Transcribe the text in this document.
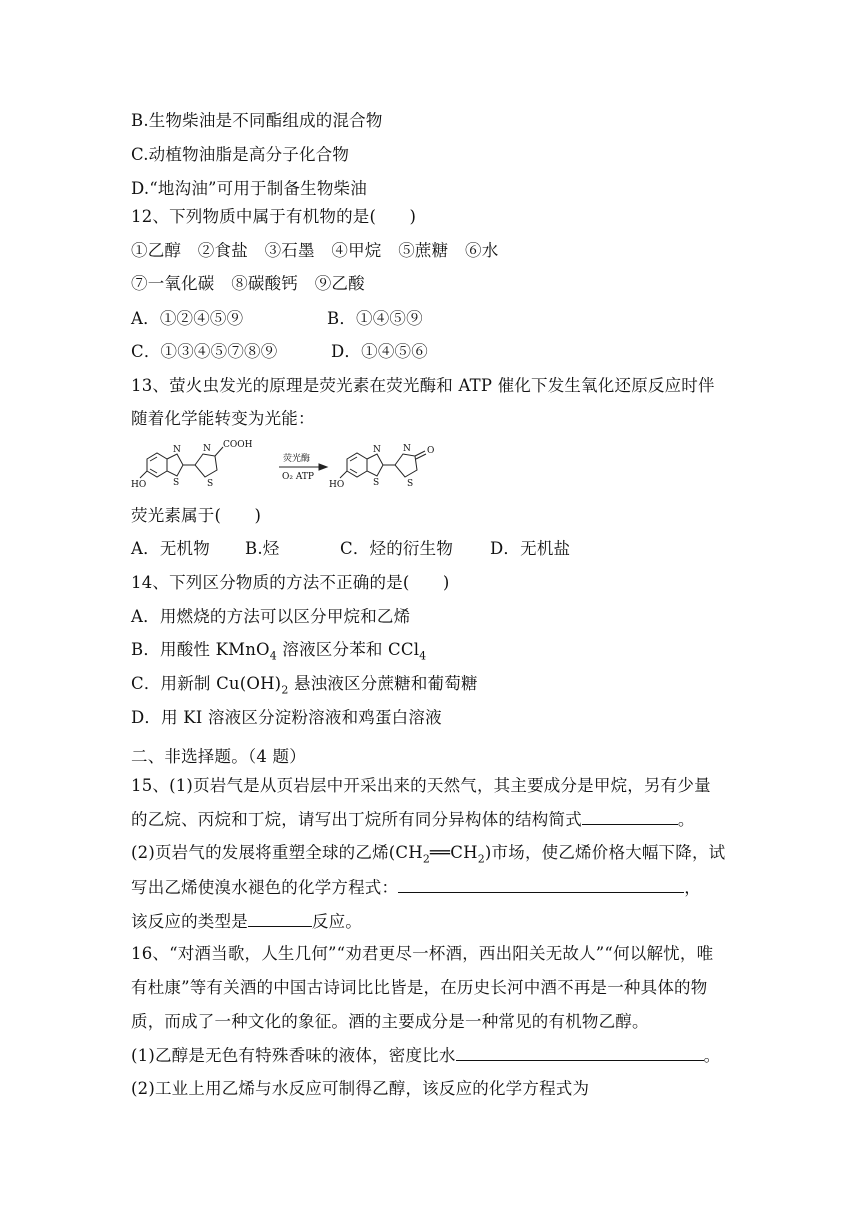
B.生物柴油是不同酯组成的混合物
C.动植物油脂是高分子化合物
D.“地沟油”可用于制备生物柴油
12、下列物质中属于有机物的是(　　)
①乙醇　②食盐　③石墨　④甲烷　⑤蔗糖　⑥水
⑦一氧化碳　⑧碳酸钙　⑨乙酸
A．①②④⑤⑨	B．①④⑤⑨
C．①③④⑤⑦⑧⑨	D．①④⑤⑥
13、萤火虫发光的原理是荧光素在荧光酶和 ATP 催化下发生氧化还原反应时伴
随着化学能转变为光能：
N
S
N
S
COOH
HO
荧光酶
O₂ ATP
N
S
N
S
O
HO
荧光素属于(　　)
A．无机物 B.烃	C．烃的衍生物 D．无机盐
14、下列区分物质的方法不正确的是(　　)
A．用燃烧的方法可以区分甲烷和乙烯
B．用酸性 KMnO$_4$ 溶液区分苯和 CCl$_4$
C．用新制 $Cu(OH)_2$ 悬浊液区分蔗糖和葡萄糖
D．用 KI 溶液区分淀粉溶液和鸡蛋白溶液
二、非选择题。（4 题）
15、(1)页岩气是从页岩层中开采出来的天然气，其主要成分是甲烷，另有少量
的乙烷、丙烷和丁烷，请写出丁烷所有同分异构体的结构简式	。
(2)页岩气的发展将重塑全球的乙烯$(CH_2══CH_2)$市场，使乙烯价格大幅下降，试
写出乙烯使溴水褪色的化学方程式：	，
该反应的类型是	反应。
16、“对酒当歌，人生几何”“劝君更尽一杯酒，西出阳关无故人”“何以解忧，唯
有杜康”等有关酒的中国古诗词比比皆是，在历史长河中酒不再是一种具体的物
质，而成了一种文化的象征。酒的主要成分是一种常见的有机物乙醇。
(1)乙醇是无色有特殊香味的液体，密度比水	。
(2)工业上用乙烯与水反应可制得乙醇，该反应的化学方程式为
